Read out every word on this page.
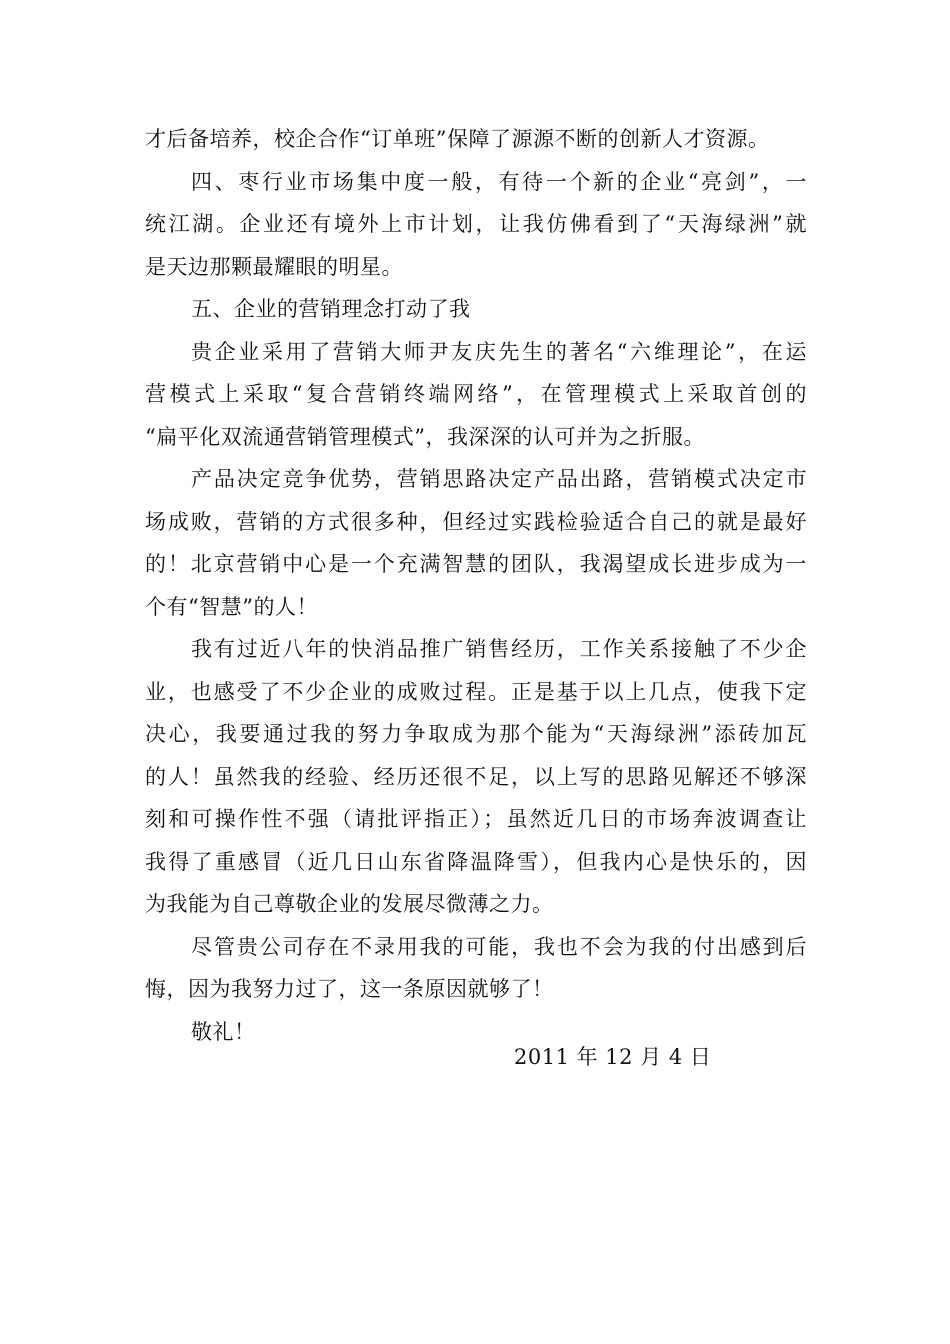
才后备培养，校企合作“订单班”保障了源源不断的创新人才资源。
四、枣行业市场集中度一般，有待一个新的企业“亮剑”，一
统江湖。企业还有境外上市计划，让我仿佛看到了“天海绿洲”就
是天边那颗最耀眼的明星。
五、企业的营销理念打动了我
贵企业采用了营销大师尹友庆先生的著名“六维理论”，在运
营模式上采取“复合营销终端网络”，在管理模式上采取首创的
“扁平化双流通营销管理模式”，我深深的认可并为之折服。
产品决定竞争优势，营销思路决定产品出路，营销模式决定市
场成败，营销的方式很多种，但经过实践检验适合自己的就是最好
的！北京营销中心是一个充满智慧的团队，我渴望成长进步成为一
个有“智慧”的人！
我有过近八年的快消品推广销售经历，工作关系接触了不少企
业，也感受了不少企业的成败过程。正是基于以上几点，使我下定
决心，我要通过我的努力争取成为那个能为“天海绿洲”添砖加瓦
的人！虽然我的经验、经历还很不足，以上写的思路见解还不够深
刻和可操作性不强（请批评指正）；虽然近几日的市场奔波调查让
我得了重感冒（近几日山东省降温降雪），但我内心是快乐的，因
为我能为自己尊敬企业的发展尽微薄之力。
尽管贵公司存在不录用我的可能，我也不会为我的付出感到后
悔，因为我努力过了，这一条原因就够了！
敬礼！
2011 年 12 月 4 日
